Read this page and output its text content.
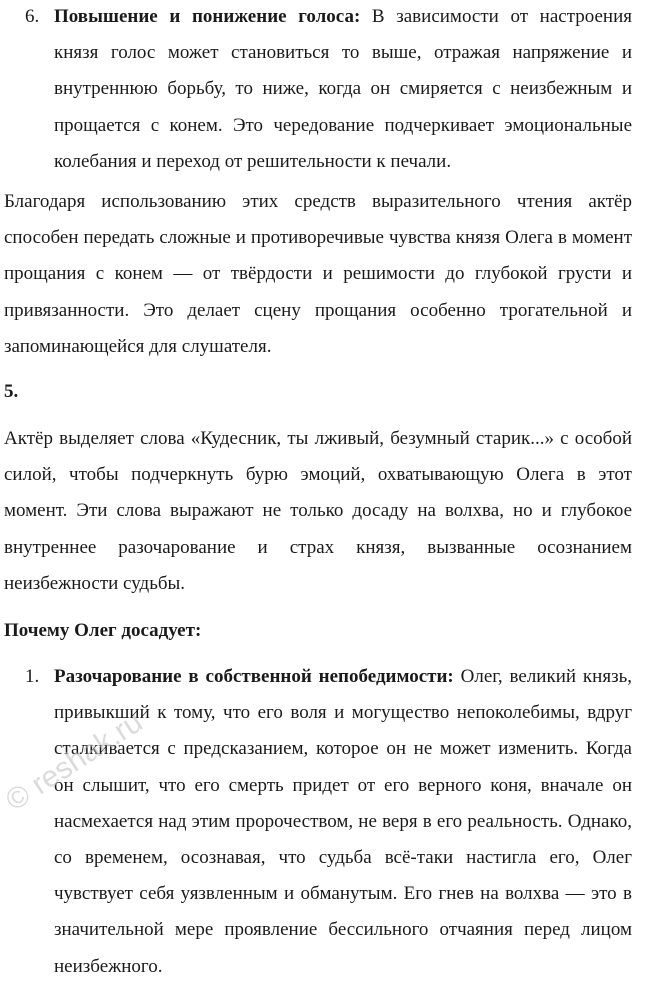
6. Повышение и понижение голоса: В зависимости от настроения князя голос может становиться то выше, отражая напряжение и внутреннюю борьбу, то ниже, когда он смиряется с неизбежным и прощается с конем. Это чередование подчеркивает эмоциональные колебания и переход от решительности к печали.
Благодаря использованию этих средств выразительного чтения актёр способен передать сложные и противоречивые чувства князя Олега в момент прощания с конем — от твёрдости и решимости до глубокой грусти и привязанности. Это делает сцену прощания особенно трогательной и запоминающейся для слушателя.
5.
Актёр выделяет слова «Кудесник, ты лживый, безумный старик...» с особой силой, чтобы подчеркнуть бурю эмоций, охватывающую Олега в этот момент. Эти слова выражают не только досаду на волхва, но и глубокое внутреннее разочарование и страх князя, вызванные осознанием неизбежности судьбы.
Почему Олег досадует:
1. Разочарование в собственной непобедимости: Олег, великий князь, привыкший к тому, что его воля и могущество непоколебимы, вдруг сталкивается с предсказанием, которое он не может изменить. Когда он слышит, что его смерть придет от его верного коня, вначале он насмехается над этим пророчеством, не веря в его реальность. Однако, со временем, осознавая, что судьба всё-таки настигла его, Олег чувствует себя уязвленным и обманутым. Его гнев на волхва — это в значительной мере проявление бессильного отчаяния перед лицом неизбежного.
© reshak.ru
